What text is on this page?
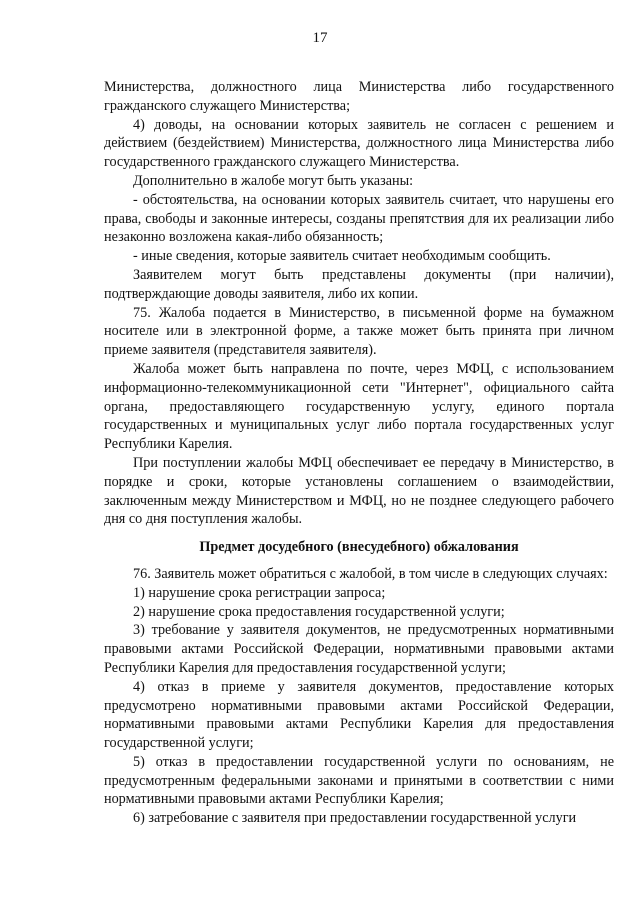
17

Министерства, должностного лица Министерства либо государственного гражданского служащего Министерства;

4) доводы, на основании которых заявитель не согласен с решением и действием (бездействием) Министерства, должностного лица Министерства либо государственного гражданского служащего Министерства.

Дополнительно в жалобе могут быть указаны:

- обстоятельства, на основании которых заявитель считает, что нарушены его права, свободы и законные интересы, созданы препятствия для их реализации либо незаконно возложена какая-либо обязанность;

- иные сведения, которые заявитель считает необходимым сообщить.

Заявителем могут быть представлены документы (при наличии), подтверждающие доводы заявителя, либо их копии.

75. Жалоба подается в Министерство, в письменной форме на бумажном носителе или в электронной форме, а также может быть принята при личном приеме заявителя (представителя заявителя).

Жалоба может быть направлена по почте, через МФЦ, с использованием информационно-телекоммуникационной сети "Интернет", официального сайта органа, предоставляющего государственную услугу, единого портала государственных и муниципальных услуг либо портала государственных услуг Республики Карелия.

При поступлении жалобы МФЦ обеспечивает ее передачу в Министерство, в порядке и сроки, которые установлены соглашением о взаимодействии, заключенным между Министерством и МФЦ, но не позднее следующего рабочего дня со дня поступления жалобы.

Предмет досудебного (внесудебного) обжалования

76. Заявитель может обратиться с жалобой, в том числе в следующих случаях:

1) нарушение срока регистрации запроса;

2) нарушение срока предоставления государственной услуги;

3) требование у заявителя документов, не предусмотренных нормативными правовыми актами Российской Федерации, нормативными правовыми актами Республики Карелия для предоставления государственной услуги;

4) отказ в приеме у заявителя документов, предоставление которых предусмотрено нормативными правовыми актами Российской Федерации, нормативными правовыми актами Республики Карелия для предоставления государственной услуги;

5) отказ в предоставлении государственной услуги по основаниям, не предусмотренным федеральными законами и принятыми в соответствии с ними нормативными правовыми актами Республики Карелия;

6) затребование с заявителя при предоставлении государственной услуги
